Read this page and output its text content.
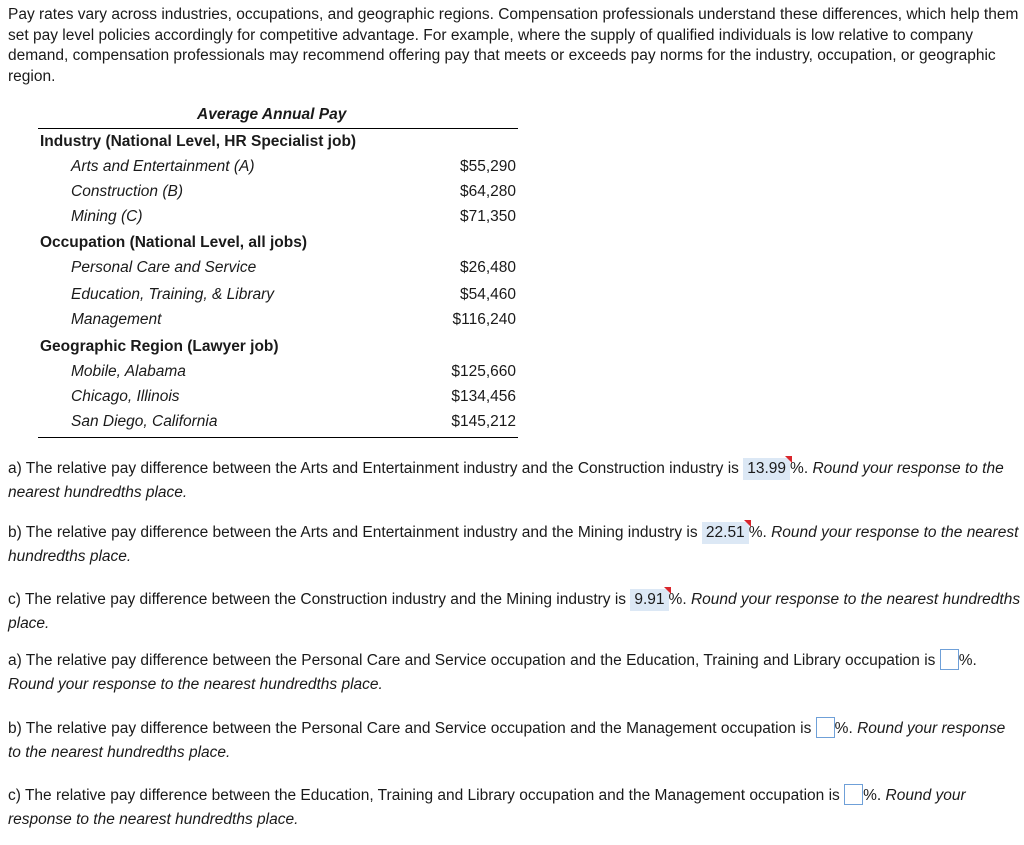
Pay rates vary across industries, occupations, and geographic regions. Compensation professionals understand these differences, which help them set pay level policies accordingly for competitive advantage. For example, where the supply of qualified individuals is low relative to company demand, compensation professionals may recommend offering pay that meets or exceeds pay norms for the industry, occupation, or geographic region.

Average Annual Pay
Industry (National Level, HR Specialist job)
Arts and Entertainment (A)	$55,290
Construction (B)	$64,280
Mining (C)	$71,350
Occupation (National Level, all jobs)
Personal Care and Service	$26,480
Education, Training, & Library	$54,460
Management	$116,240
Geographic Region (Lawyer job)
Mobile, Alabama	$125,660
Chicago, Illinois	$134,456
San Diego, California	$145,212

a) The relative pay difference between the Arts and Entertainment industry and the Construction industry is 13.99 %. Round your response to the nearest hundredths place.

b) The relative pay difference between the Arts and Entertainment industry and the Mining industry is 22.51 %. Round your response to the nearest hundredths place.

c) The relative pay difference between the Construction industry and the Mining industry is 9.91 %. Round your response to the nearest hundredths place.

a) The relative pay difference between the Personal Care and Service occupation and the Education, Training and Library occupation is %. Round your response to the nearest hundredths place.

b) The relative pay difference between the Personal Care and Service occupation and the Management occupation is %. Round your response to the nearest hundredths place.

c) The relative pay difference between the Education, Training and Library occupation and the Management occupation is %. Round your response to the nearest hundredths place.
